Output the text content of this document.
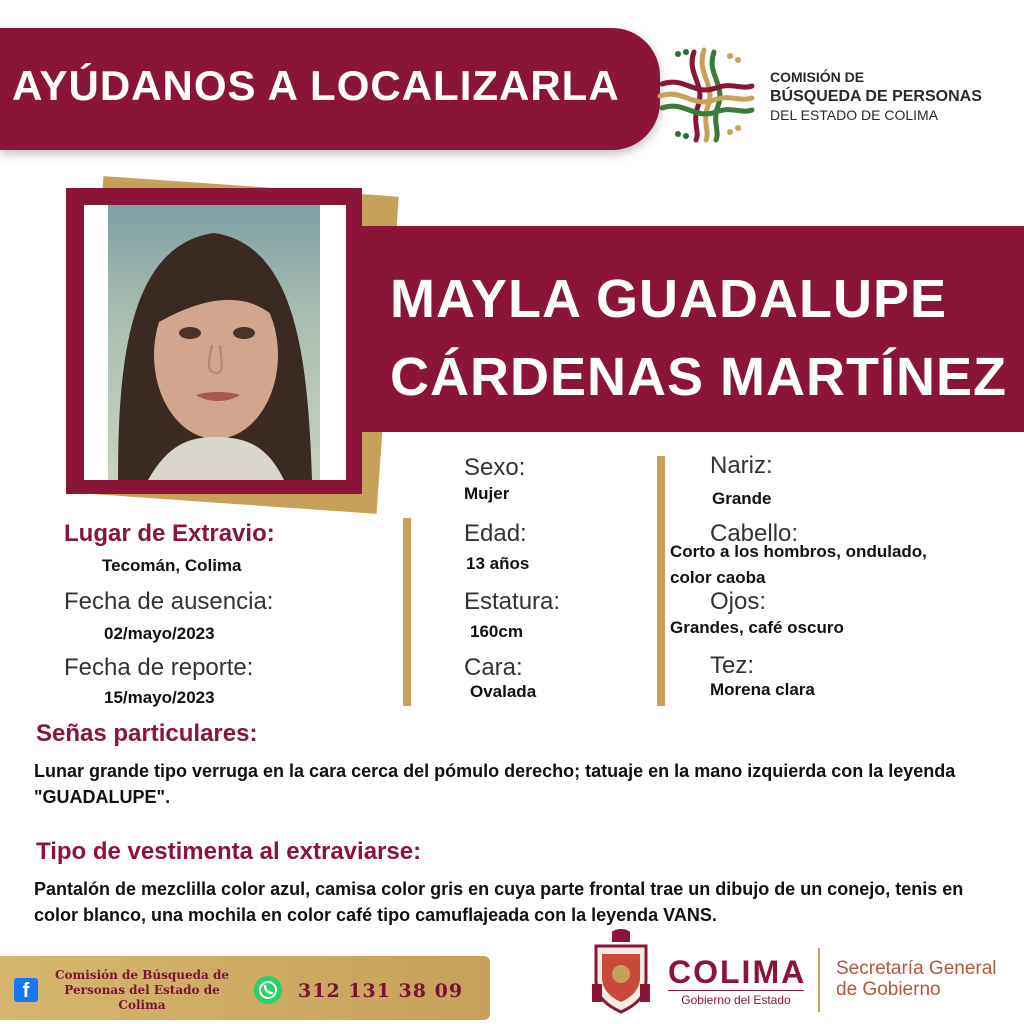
AYÚDANOS A LOCALIZARLA	COMISIÓN DE
BÚSQUEDA DE PERSONAS
DEL ESTADO DE COLIMA
MAYLA GUADALUPE
CÁRDENAS MARTÍNEZ
Lugar de Extravio:
Tecomán, Colima
Fecha de ausencia:
02/mayo/2023
Fecha de reporte:
15/mayo/2023
Sexo:
Mujer
Edad:
13 años
Estatura:
160cm
Cara:
Ovalada
Nariz:
Grande
Cabello:
Corto a los hombros, ondulado,
color caoba
Ojos:
Grandes, café oscuro
Tez:
Morena clara
Señas particulares:
Lunar grande tipo verruga en la cara cerca del pómulo derecho; tatuaje en la mano izquierda con la leyenda "GUADALUPE".
Tipo de vestimenta al extraviarse:
Pantalón de mezclilla color azul, camisa color gris en cuya parte frontal trae un dibujo de un conejo, tenis en color blanco, una mochila en color café tipo camuflajeada con la leyenda VANS.
f
Comisión de Búsqueda de Personas del Estado de Colima
312 131 38 09
COLIMA
Gobierno del Estado
Secretaría General
de Gobierno
